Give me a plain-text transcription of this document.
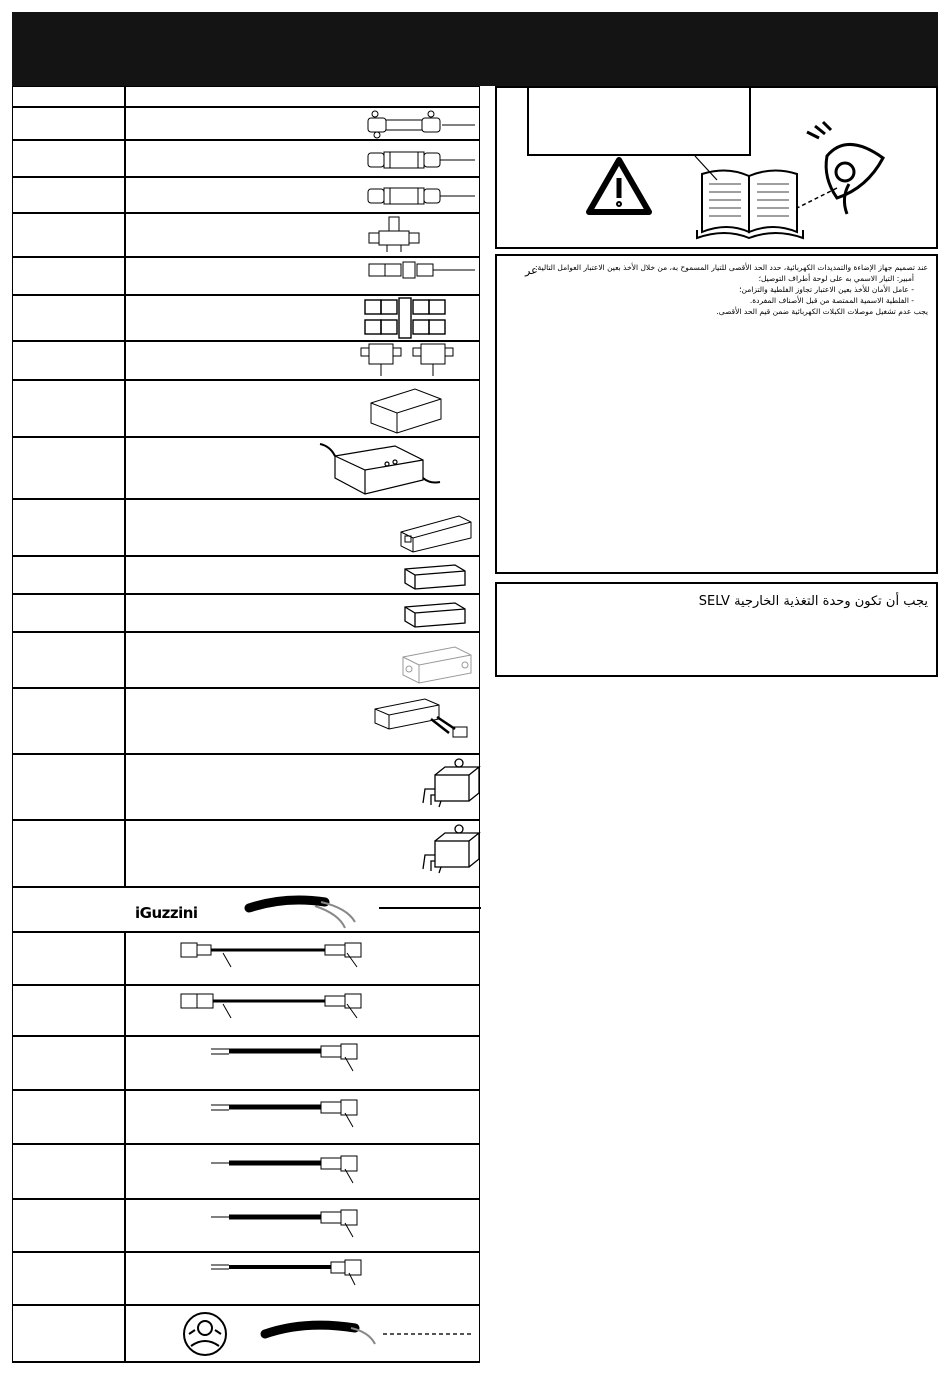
iGuzzini
عر
عند تصميم جهاز الإضاءة والتمديدات الكهربائية، حدد الحد الأقصى للتيار المسموح به، من خلال الأخذ بعين الاعتبار العوامل التالية:
أمبير: التيار الاسمي به على لوحة أطراف التوصيل؛
- عامل الأمان للأخذ بعين الاعتبار تجاوز الفلطية والتزامن؛
- الفلطية الاسمية الممتصة من قبل الأصناف المفردة.
يجب عدم تشغيل موصلات الكبلات الكهربائية ضمن قيم الحد الأقصى.
يجب أن تكون وحدة التغذية الخارجية SELV
